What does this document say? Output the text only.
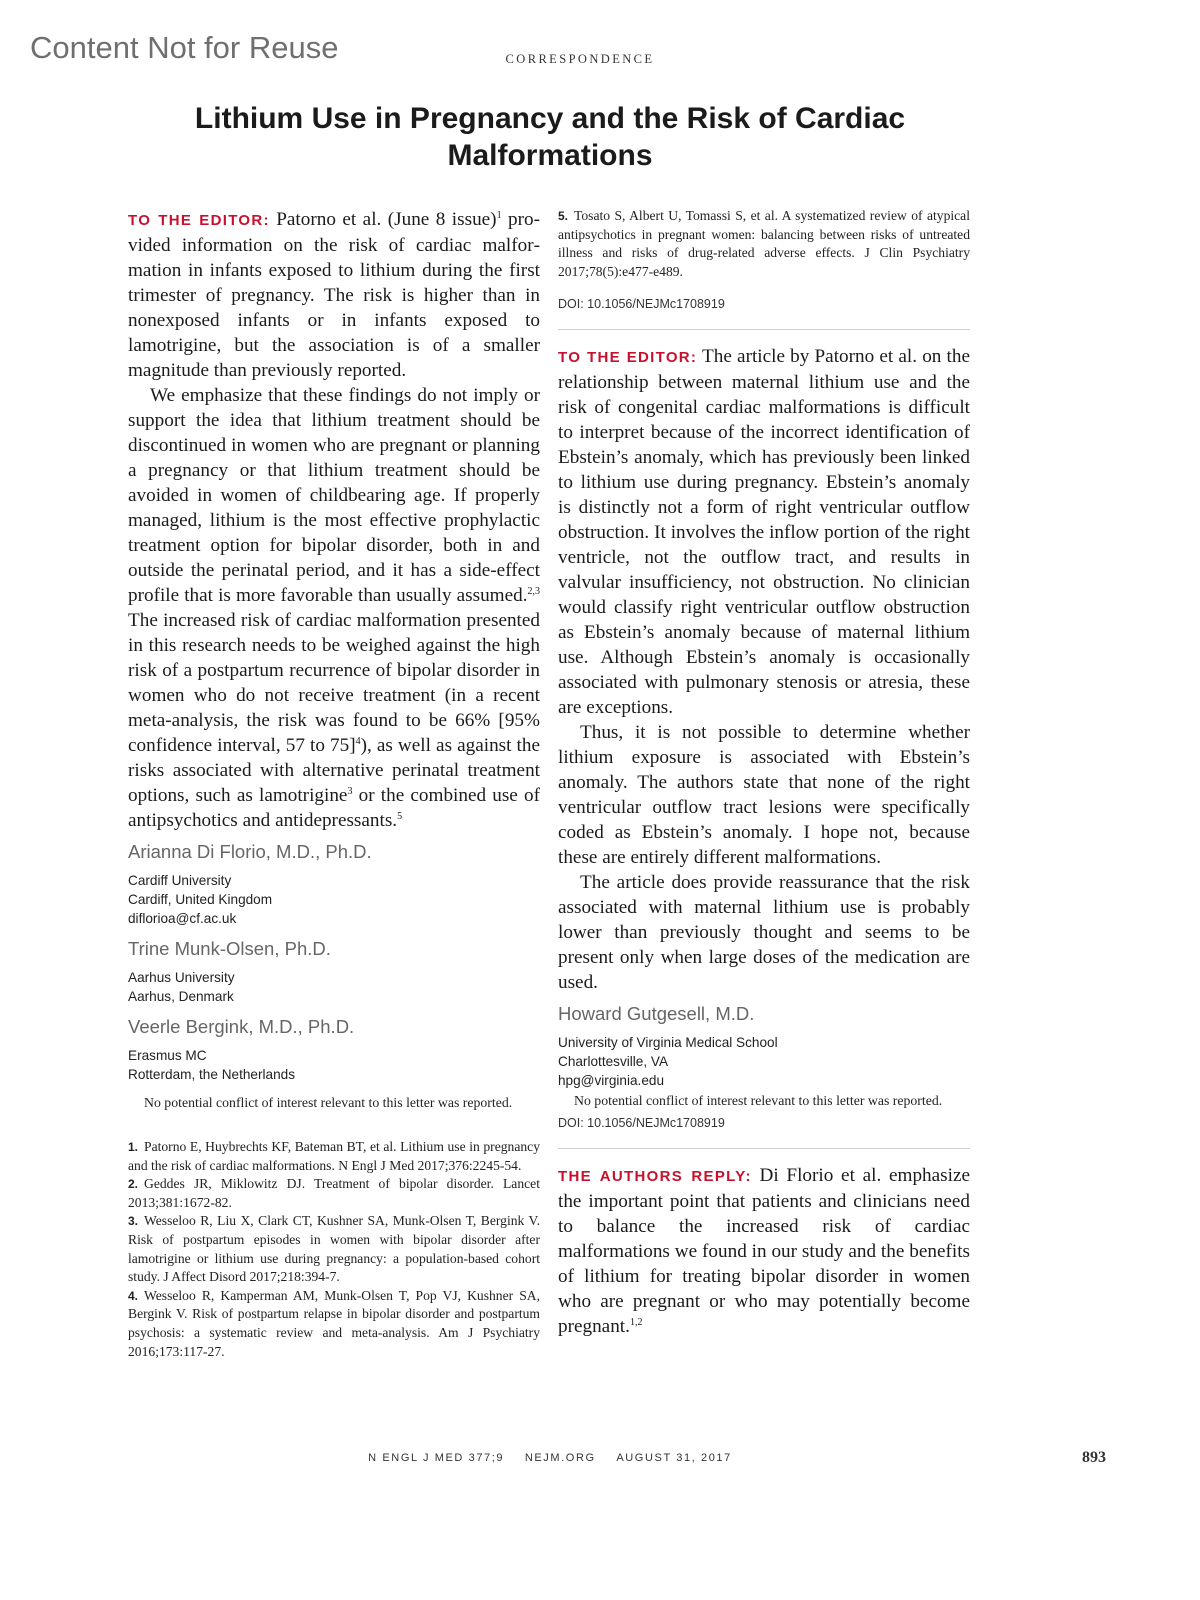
Content Not for Reuse	CORRESPONDENCE
Lithium Use in Pregnancy and the Risk of Cardiac Malformations

TO THE EDITOR: Patorno et al. (June 8 issue)$^1$ provided information on the risk of cardiac malformation in infants exposed to lithium during the first trimester of pregnancy. The risk is higher than in nonexposed infants or in infants exposed to lamotrigine, but the association is of a smaller magnitude than previously reported.

We emphasize that these findings do not imply or support the idea that lithium treatment should be discontinued in women who are pregnant or planning a pregnancy or that lithium treatment should be avoided in women of childbearing age. If properly managed, lithium is the most effective prophylactic treatment option for bipolar disorder, both in and outside the perinatal period, and it has a side-effect profile that is more favorable than usually assumed.$^{2,3}$ The increased risk of cardiac malformation presented in this research needs to be weighed against the high risk of a postpartum recurrence of bipolar disorder in women who do not receive treatment (in a recent meta-analysis, the risk was found to be 66% [95% confidence interval, 57 to 75]$^4$), as well as against the risks associated with alternative perinatal treatment options, such as lamotrigine$^3$ or the combined use of antipsychotics and antidepressants.$^5$

Arianna Di Florio, M.D., Ph.D.

Cardiff University

Cardiff, United Kingdom

diflorioa@cf.ac.uk

Trine Munk-Olsen, Ph.D.

Aarhus University

Aarhus, Denmark

Veerle Bergink, M.D., Ph.D.

Erasmus MC

Rotterdam, the Netherlands

No potential conflict of interest relevant to this letter was reported.

1. Patorno E, Huybrechts KF, Bateman BT, et al. Lithium use in pregnancy and the risk of cardiac malformations. N Engl J Med 2017;376:2245-54.

2. Geddes JR, Miklowitz DJ. Treatment of bipolar disorder. Lancet 2013;381:1672-82.

3. Wesseloo R, Liu X, Clark CT, Kushner SA, Munk-Olsen T, Bergink V. Risk of postpartum episodes in women with bipolar disorder after lamotrigine or lithium use during pregnancy: a population-based cohort study. J Affect Disord 2017;218:394-7.

4. Wesseloo R, Kamperman AM, Munk-Olsen T, Pop VJ, Kushner SA, Bergink V. Risk of postpartum relapse in bipolar disorder and postpartum psychosis: a systematic review and meta-analysis. Am J Psychiatry 2016;173:117-27.

5. Tosato S, Albert U, Tomassi S, et al. A systematized review of atypical antipsychotics in pregnant women: balancing between risks of untreated illness and risks of drug-related adverse effects. J Clin Psychiatry 2017;78(5):e477-e489.

DOI: 10.1056/NEJMc1708919

TO THE EDITOR: The article by Patorno et al. on the relationship between maternal lithium use and the risk of congenital cardiac malformations is difficult to interpret because of the incorrect identification of Ebstein’s anomaly, which has previously been linked to lithium use during pregnancy. Ebstein’s anomaly is distinctly not a form of right ventricular outflow obstruction. It involves the inflow portion of the right ventricle, not the outflow tract, and results in valvular insufficiency, not obstruction. No clinician would classify right ventricular outflow obstruction as Ebstein’s anomaly because of maternal lithium use. Although Ebstein’s anomaly is occasionally associated with pulmonary stenosis or atresia, these are exceptions.

Thus, it is not possible to determine whether lithium exposure is associated with Ebstein’s anomaly. The authors state that none of the right ventricular outflow tract lesions were specifically coded as Ebstein’s anomaly. I hope not, because these are entirely different malformations.

The article does provide reassurance that the risk associated with maternal lithium use is probably lower than previously thought and seems to be present only when large doses of the medication are used.

Howard Gutgesell, M.D.

University of Virginia Medical School

Charlottesville, VA

hpg@virginia.edu

No potential conflict of interest relevant to this letter was reported.

DOI: 10.1056/NEJMc1708919

THE AUTHORS REPLY: Di Florio et al. emphasize the important point that patients and clinicians need to balance the increased risk of cardiac malformations we found in our study and the benefits of lithium for treating bipolar disorder in women who are pregnant or who may potentially become pregnant.$^{1,2}$

N ENGL J MED 377;9 NEJM.ORG AUGUST 31, 2017	893
